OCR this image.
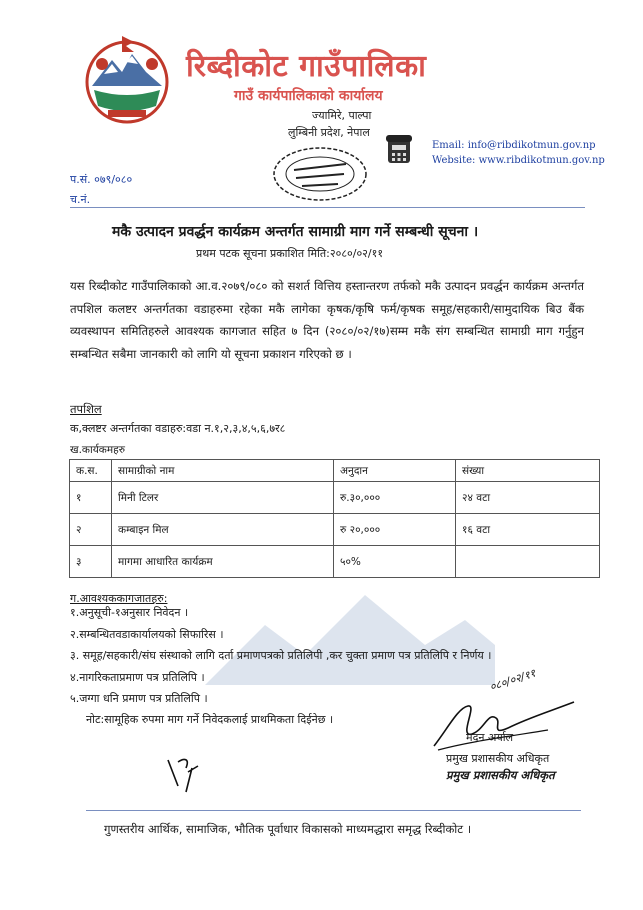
रिब्दीकोट गाउँपालिका
गाउँ कार्यपालिकाको कार्यालय
ज्यामिरे, पाल्पा
लुम्बिनी प्रदेश, नेपाल
Email: info@ribdikotmun.gov.np
Website: www.ribdikotmun.gov.np
प.सं. ०७९/०८०
च.नं.
मकै उत्पादन प्रवर्द्धन कार्यक्रम अन्तर्गत सामाग्री माग गर्ने सम्बन्धी सूचना ।
प्रथम पटक सूचना प्रकाशित मिति:२०८०/०२/११
यस रिब्दीकोट गाउँपालिकाको आ.व.२०७९/०८० को सशर्त वित्तिय हस्तान्तरण तर्फको मकै उत्पादन प्रवर्द्धन कार्यक्रम अन्तर्गत तपशिल कलष्टर अन्तर्गतका वडाहरुमा रहेका मकै लागेका कृषक/कृषि फर्म/कृषक समूह/सहकारी/सामुदायिक बिउ बैंक व्यवस्थापन समितिहरुले आवश्यक कागजात सहित ७ दिन (२०८०/०२/१७)सम्म मकै संग सम्बन्धित सामाग्री माग गर्नुहुन सम्बन्धित सबैमा जानकारी को लागि यो सूचना प्रकाशन गरिएको छ ।
तपशिल
क,क्लष्टर अन्तर्गतका वडाहरु:वडा न.१,२,३,४,५,६,७र८
ख.कार्यकमहरु
क.स.	सामाग्रीको नाम	अनुदान	संख्या
१	मिनी टिलर	रु.३०,०००	२४ वटा
२	कम्बाइन मिल	रु २०,०००	१६ वटा
३	मागमा आधारित कार्यक्रम	५०%	
ग.आवश्यककागजातहरु:
१.अनुसूची-१अनुसार निवेदन ।
२.सम्बन्धितवडाकार्यालयको सिफारिस ।
३. समूह/सहकारी/संघ संस्थाको लागि दर्ता प्रमाणपत्रको प्रतिलिपी ,कर चुक्ता प्रमाण पत्र प्रतिलिपि र निर्णय ।
४.नागरिकताप्रमाण पत्र प्रतिलिपि ।
५.जग्गा धनि प्रमाण पत्र प्रतिलिपि ।
नोट:सामूहिक रुपमा माग गर्ने निवेदकलाई प्राथमिकता दिईनेछ ।
०८०/०२/११
मदन अर्याल
प्रमुख प्रशासकीय अधिकृत
प्रमुख प्रशासकीय अधिकृत
गुणस्तरीय आर्थिक, सामाजिक, भौतिक पूर्वाधार विकासको माध्यमद्धारा समृद्ध रिब्दीकोट ।
